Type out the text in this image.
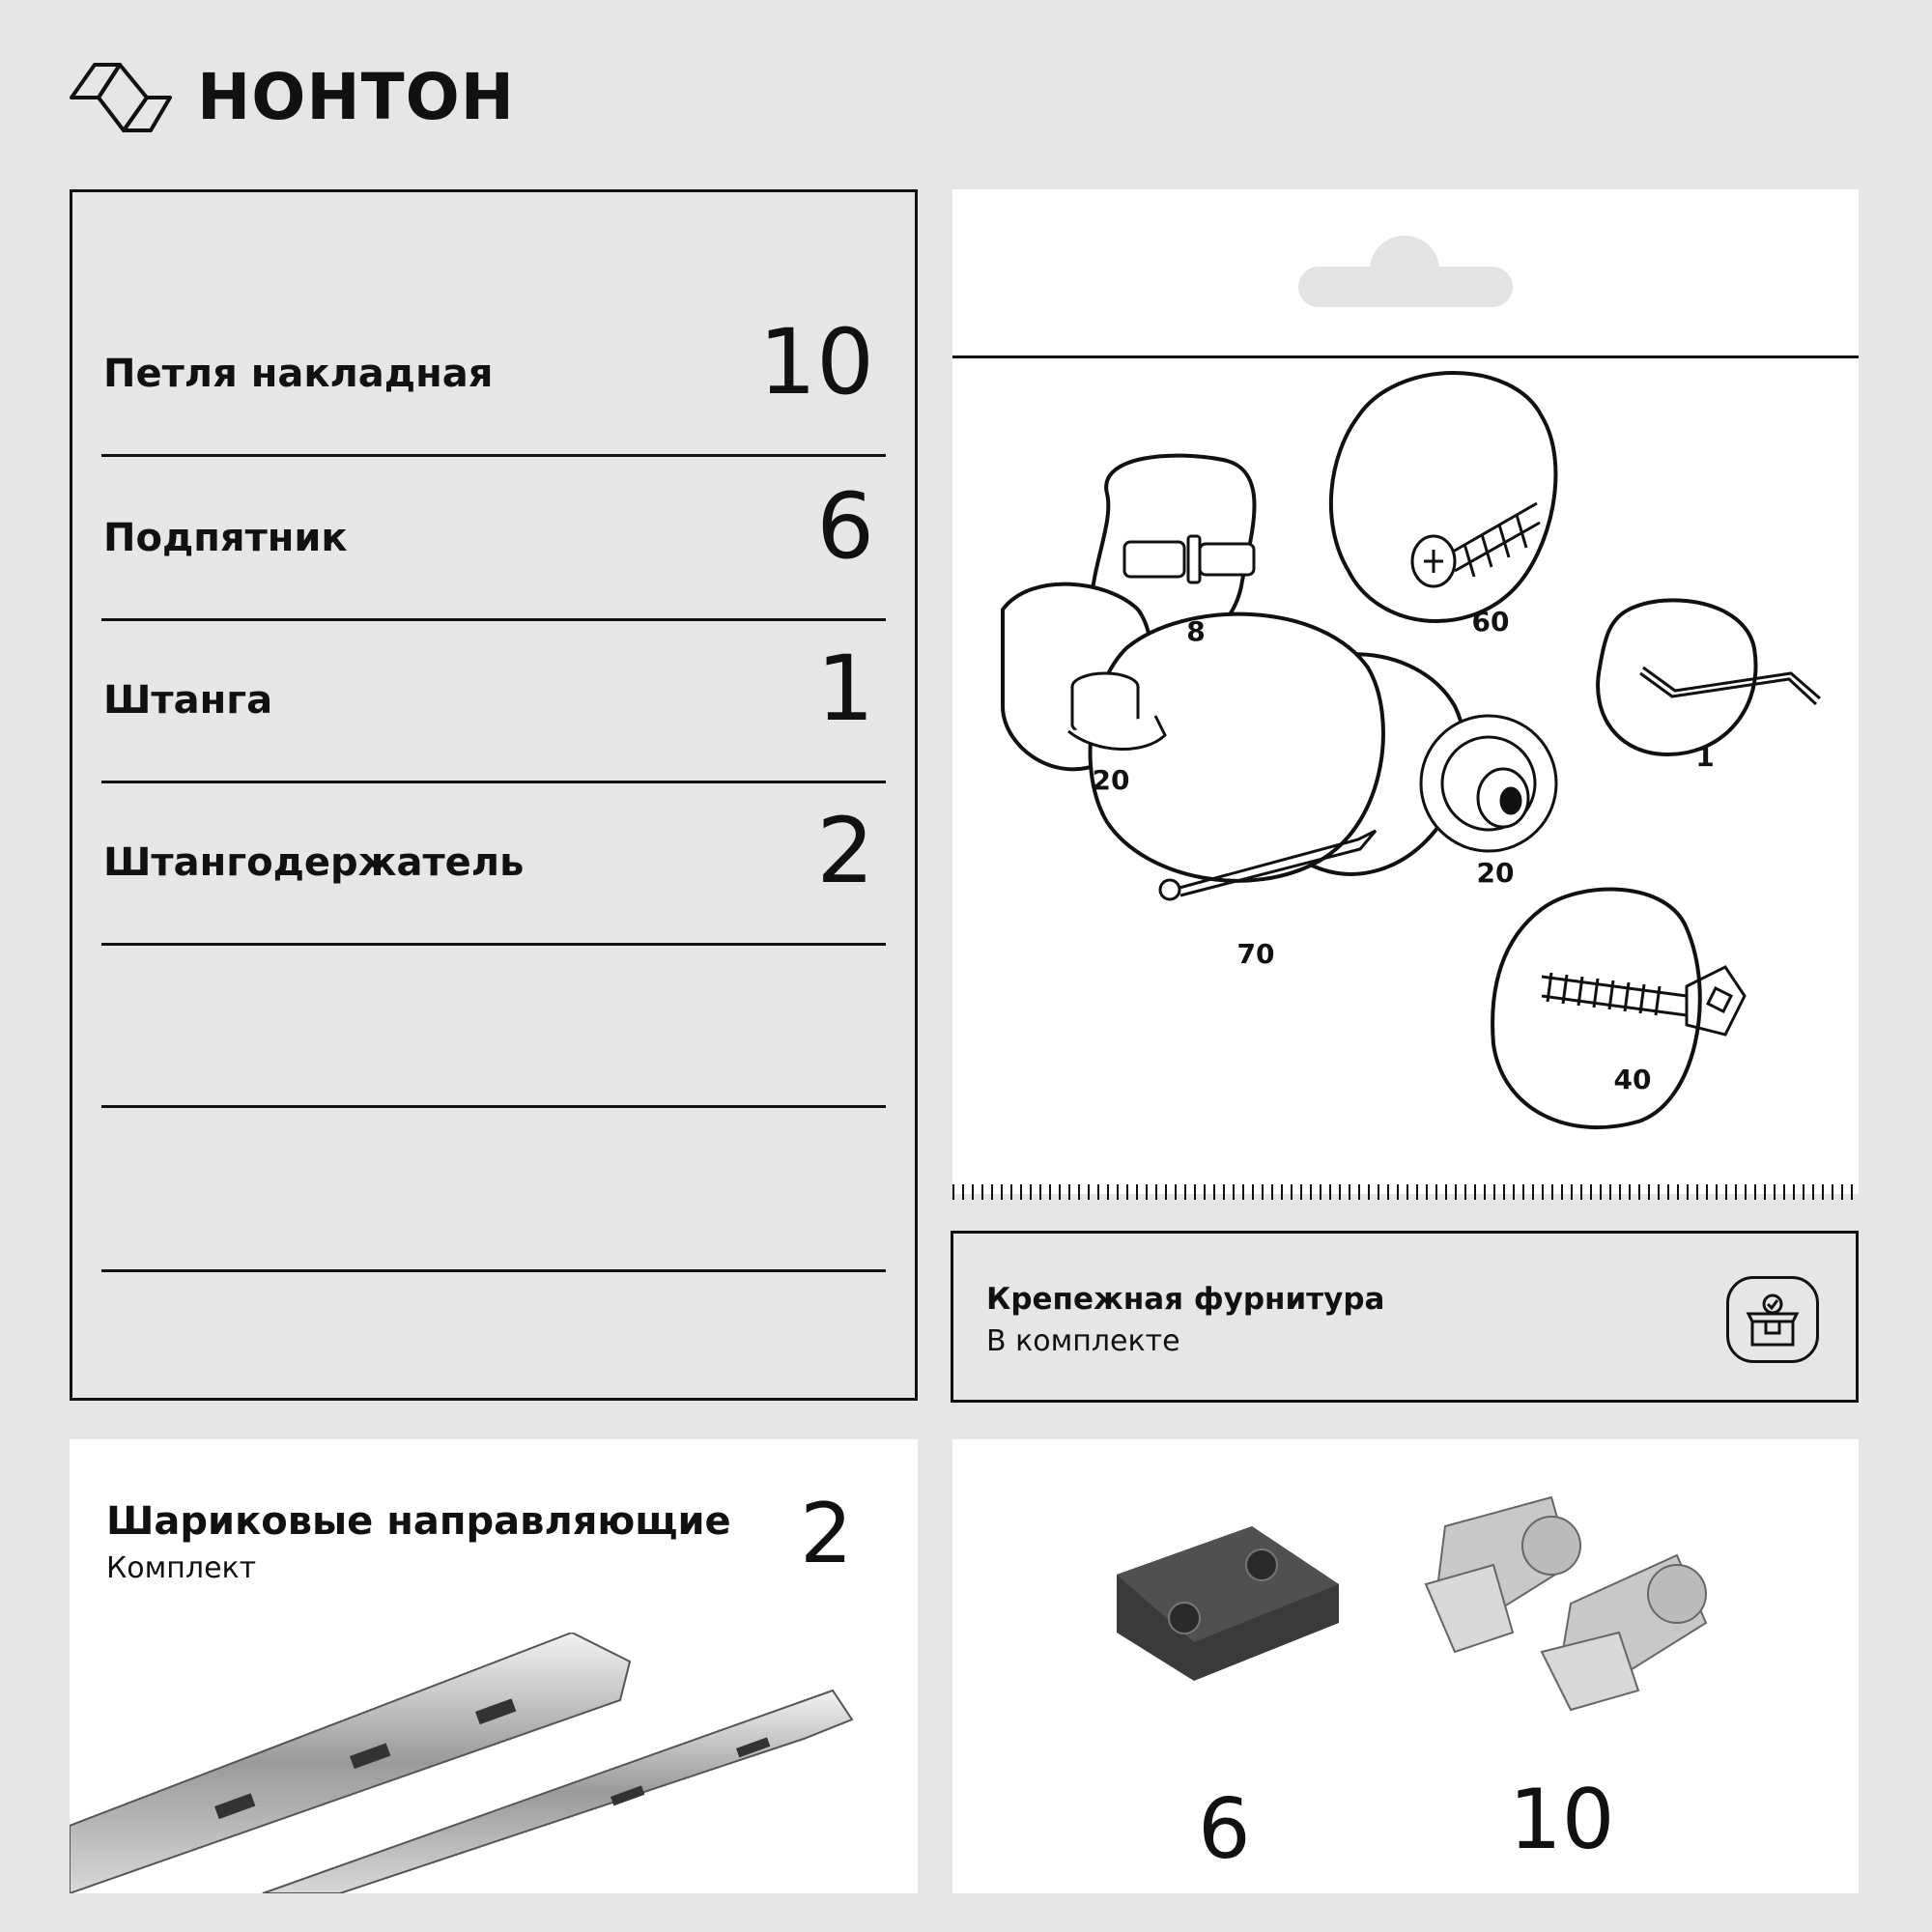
НОНТОН
Петля накладная	10
Подпятник	6
Штанга	1
Штангодержатель	2
8	60
20
1
20
70
40
Крепежная фурнитура
В комплекте
Шариковые направляющие
Комплект	2
6	10
